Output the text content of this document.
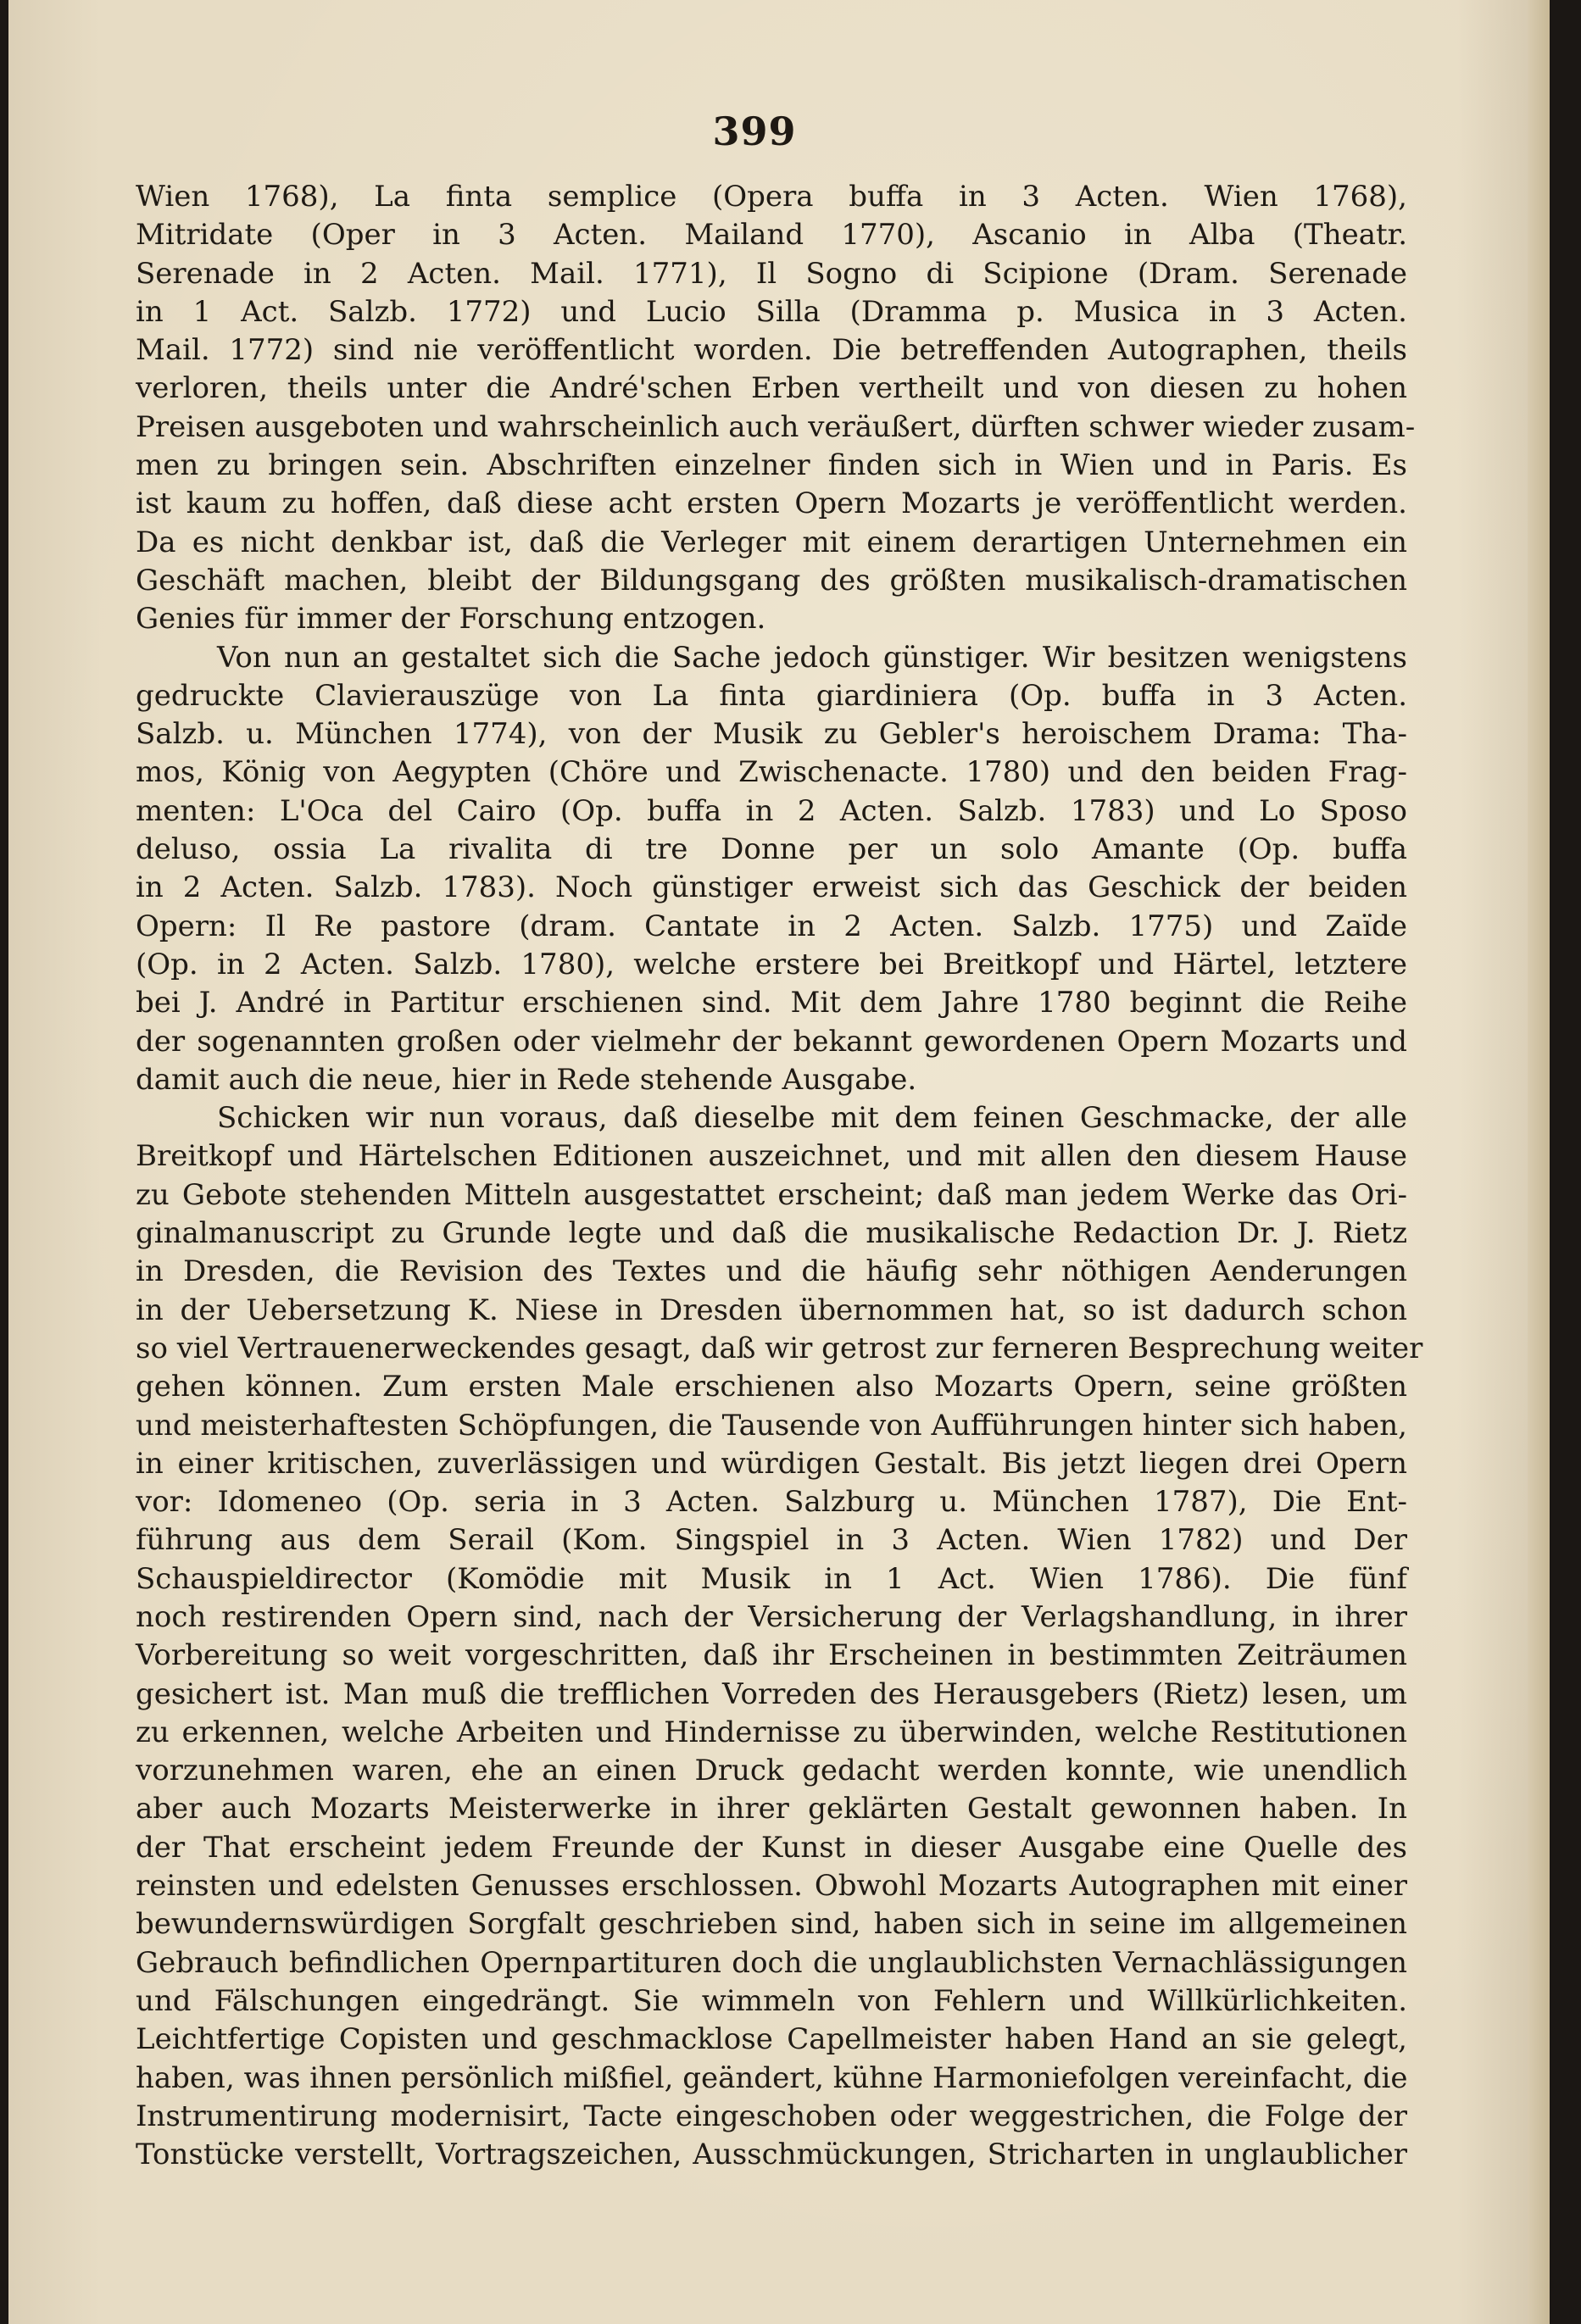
399
Wien 1768), La finta semplice (Opera buffa in 3 Acten. Wien 1768),
Mitridate (Oper in 3 Acten. Mailand 1770), Ascanio in Alba (Theatr.
Serenade in 2 Acten. Mail. 1771), Il Sogno di Scipione (Dram. Serenade
in 1 Act. Salzb. 1772) und Lucio Silla (Dramma p. Musica in 3 Acten.
Mail. 1772) sind nie veröffentlicht worden. Die betreffenden Autographen, theils
verloren, theils unter die André'schen Erben vertheilt und von diesen zu hohen
Preisen ausgeboten und wahrscheinlich auch veräußert, dürften schwer wieder zusam-
men zu bringen sein. Abschriften einzelner finden sich in Wien und in Paris. Es
ist kaum zu hoffen, daß diese acht ersten Opern Mozarts je veröffentlicht werden.
Da es nicht denkbar ist, daß die Verleger mit einem derartigen Unternehmen ein
Geschäft machen, bleibt der Bildungsgang des größten musikalisch-dramatischen
Genies für immer der Forschung entzogen.
Von nun an gestaltet sich die Sache jedoch günstiger. Wir besitzen wenigstens
gedruckte Clavierauszüge von La finta giardiniera (Op. buffa in 3 Acten.
Salzb. u. München 1774), von der Musik zu Gebler's heroischem Drama: Tha-
mos, König von Aegypten (Chöre und Zwischenacte. 1780) und den beiden Frag-
menten: L'Oca del Cairo (Op. buffa in 2 Acten. Salzb. 1783) und Lo Sposo
deluso, ossia La rivalita di tre Donne per un solo Amante (Op. buffa
in 2 Acten. Salzb. 1783). Noch günstiger erweist sich das Geschick der beiden
Opern: Il Re pastore (dram. Cantate in 2 Acten. Salzb. 1775) und Zaïde
(Op. in 2 Acten. Salzb. 1780), welche erstere bei Breitkopf und Härtel, letztere
bei J. André in Partitur erschienen sind. Mit dem Jahre 1780 beginnt die Reihe
der sogenannten großen oder vielmehr der bekannt gewordenen Opern Mozarts und
damit auch die neue, hier in Rede stehende Ausgabe.
Schicken wir nun voraus, daß dieselbe mit dem feinen Geschmacke, der alle
Breitkopf und Härtelschen Editionen auszeichnet, und mit allen den diesem Hause
zu Gebote stehenden Mitteln ausgestattet erscheint; daß man jedem Werke das Ori-
ginalmanuscript zu Grunde legte und daß die musikalische Redaction Dr. J. Rietz
in Dresden, die Revision des Textes und die häufig sehr nöthigen Aenderungen
in der Uebersetzung K. Niese in Dresden übernommen hat, so ist dadurch schon
so viel Vertrauenerweckendes gesagt, daß wir getrost zur ferneren Besprechung weiter
gehen können. Zum ersten Male erschienen also Mozarts Opern, seine größten
und meisterhaftesten Schöpfungen, die Tausende von Aufführungen hinter sich haben,
in einer kritischen, zuverlässigen und würdigen Gestalt. Bis jetzt liegen drei Opern
vor: Idomeneo (Op. seria in 3 Acten. Salzburg u. München 1787), Die Ent-
führung aus dem Serail (Kom. Singspiel in 3 Acten. Wien 1782) und Der
Schauspieldirector (Komödie mit Musik in 1 Act. Wien 1786). Die fünf
noch restirenden Opern sind, nach der Versicherung der Verlagshandlung, in ihrer
Vorbereitung so weit vorgeschritten, daß ihr Erscheinen in bestimmten Zeiträumen
gesichert ist. Man muß die trefflichen Vorreden des Herausgebers (Rietz) lesen, um
zu erkennen, welche Arbeiten und Hindernisse zu überwinden, welche Restitutionen
vorzunehmen waren, ehe an einen Druck gedacht werden konnte, wie unendlich
aber auch Mozarts Meisterwerke in ihrer geklärten Gestalt gewonnen haben. In
der That erscheint jedem Freunde der Kunst in dieser Ausgabe eine Quelle des
reinsten und edelsten Genusses erschlossen. Obwohl Mozarts Autographen mit einer
bewundernswürdigen Sorgfalt geschrieben sind, haben sich in seine im allgemeinen
Gebrauch befindlichen Opernpartituren doch die unglaublichsten Vernachlässigungen
und Fälschungen eingedrängt. Sie wimmeln von Fehlern und Willkürlichkeiten.
Leichtfertige Copisten und geschmacklose Capellmeister haben Hand an sie gelegt,
haben, was ihnen persönlich mißfiel, geändert, kühne Harmoniefolgen vereinfacht, die
Instrumentirung modernisirt, Tacte eingeschoben oder weggestrichen, die Folge der
Tonstücke verstellt, Vortragszeichen, Ausschmückungen, Stricharten in unglaublicher
